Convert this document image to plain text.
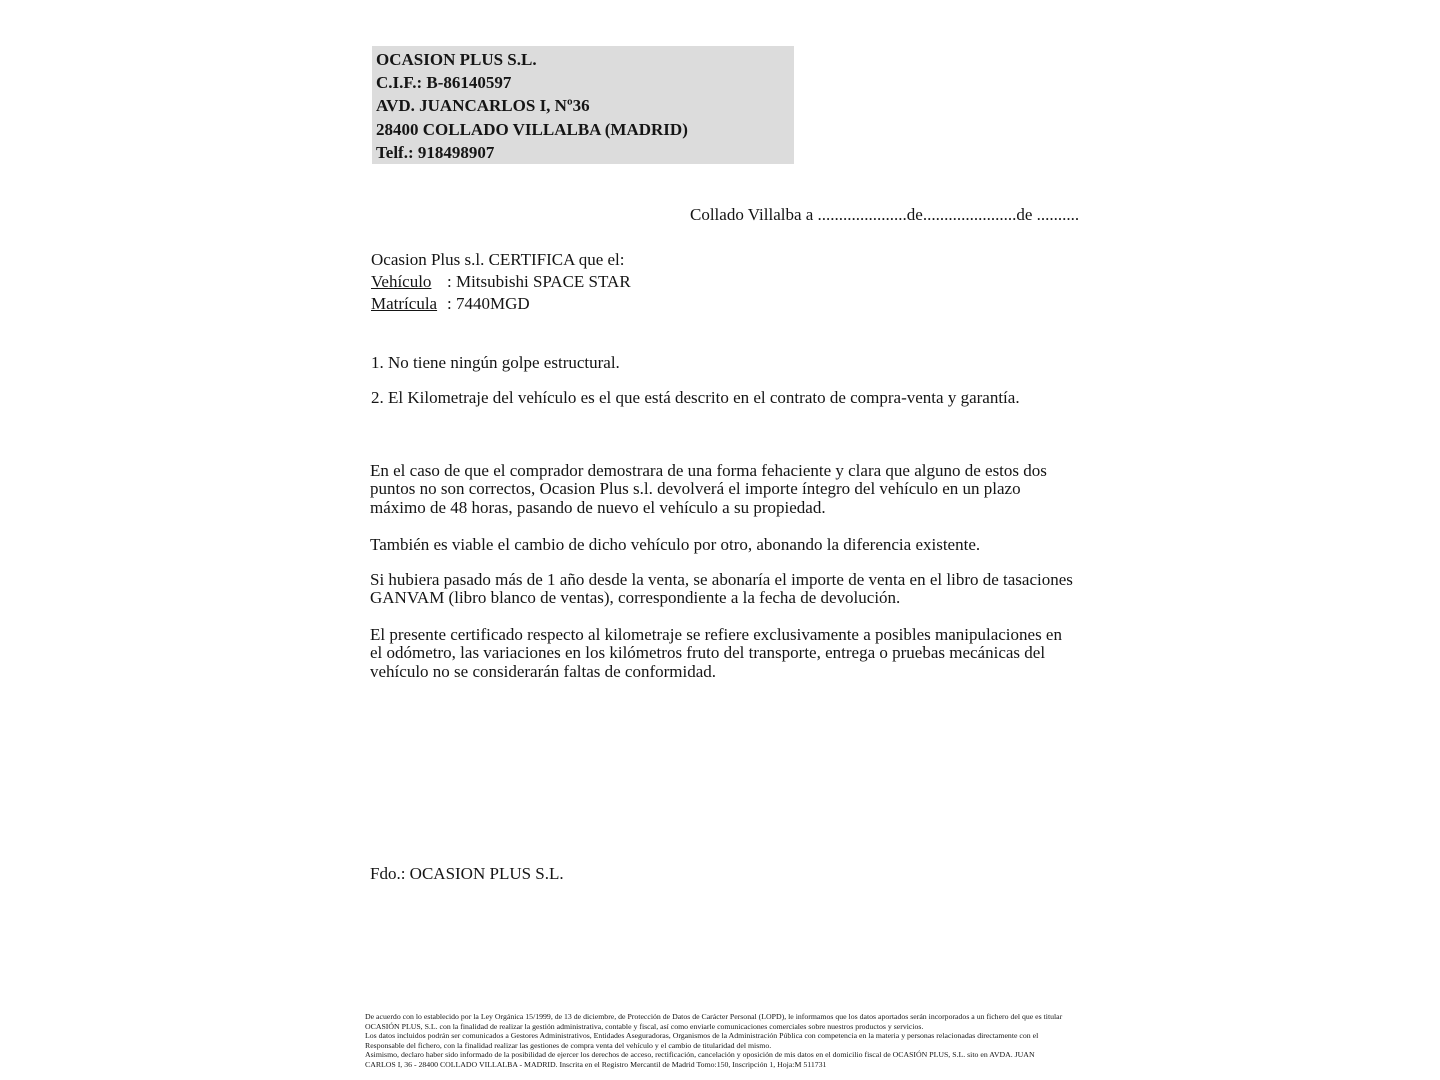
OCASION PLUS S.L.
C.I.F.: B-86140597
AVD. JUANCARLOS I, Nº36
28400 COLLADO VILLALBA (MADRID)
Telf.: 918498907
Collado Villalba a .....................de......................de ..........
Ocasion Plus s.l. CERTIFICA que el:
Vehículo : Mitsubishi SPACE STAR
Matrícula : 7440MGD
1. No tiene ningún golpe estructural.
2. El Kilometraje del vehículo es el que está descrito en el contrato de compra-venta y garantía.
En el caso de que el comprador demostrara de una forma fehaciente y clara que alguno de estos dos puntos no son correctos, Ocasion Plus s.l. devolverá el importe íntegro del vehículo en un plazo máximo de 48 horas, pasando de nuevo el vehículo a su propiedad.
También es viable el cambio de dicho vehículo por otro, abonando la diferencia existente.
Si hubiera pasado más de 1 año desde la venta, se abonaría el importe de venta en el libro de tasaciones GANVAM (libro blanco de ventas), correspondiente a la fecha de devolución.
El presente certificado respecto al kilometraje se refiere exclusivamente a posibles manipulaciones en el odómetro, las variaciones en los kilómetros fruto del transporte, entrega o pruebas mecánicas del vehículo no se considerarán faltas de conformidad.
Fdo.: OCASION PLUS S.L.
De acuerdo con lo establecido por la Ley Orgánica 15/1999, de 13 de diciembre, de Protección de Datos de Carácter Personal (LOPD), le informamos que los datos aportados serán incorporados a un fichero del que es titular
OCASIÓN PLUS, S.L. con la finalidad de realizar la gestión administrativa, contable y fiscal, así como enviarle comunicaciones comerciales sobre nuestros productos y servicios.
Los datos incluidos podrán ser comunicados a Gestores Administrativos, Entidades Aseguradoras, Organismos de la Administración Pública con competencia en la materia y personas relacionadas directamente con el
Responsable del fichero, con la finalidad realizar las gestiones de compra venta del vehículo y el cambio de titularidad del mismo.
Asimismo, declaro haber sido informado de la posibilidad de ejercer los derechos de acceso, rectificación, cancelación y oposición de mis datos en el domicilio fiscal de OCASIÓN PLUS, S.L. sito en AVDA. JUAN
CARLOS I, 36 - 28400 COLLADO VILLALBA - MADRID. Inscrita en el Registro Mercantil de Madrid Tomo:150, Inscripción 1, Hoja:M 511731
